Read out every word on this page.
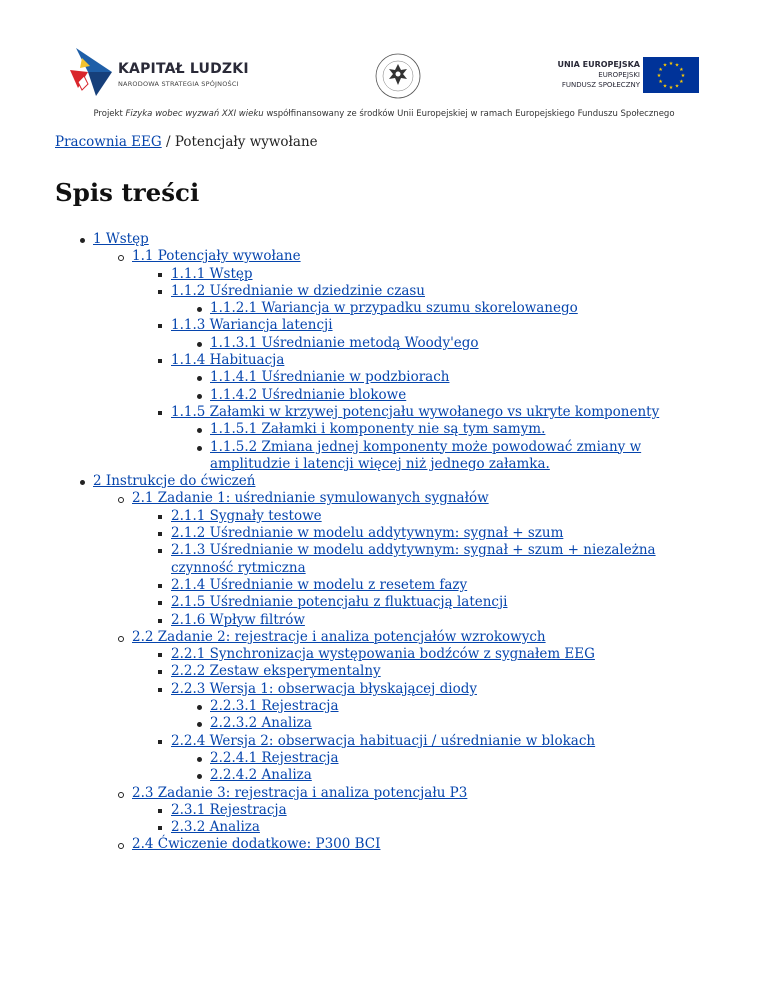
KAPITAŁ LUDZKI
NARODOWA STRATEGIA SPÓJNOŚCI
UNIA EUROPEJSKA
EUROPEJSKI
FUNDUSZ SPOŁECZNY
★ ★
★
★
★
★
★
★
★
★
★
★
Projekt Fizyka wobec wyzwań XXI wieku współfinansowany ze środków Unii Europejskiej w ramach Europejskiego Funduszu Społecznego
Pracownia EEG / Potencjały wywołane
Spis treści
1 Wstęp
1.1 Potencjały wywołane
1.1.1 Wstęp
1.1.2 Uśrednianie w dziedzinie czasu
1.1.2.1 Wariancja w przypadku szumu skorelowanego
1.1.3 Wariancja latencji
1.1.3.1 Uśrednianie metodą Woody'ego
1.1.4 Habituacja
1.1.4.1 Uśrednianie w podzbiorach
1.1.4.2 Uśrednianie blokowe
1.1.5 Załamki w krzywej potencjału wywołanego vs ukryte komponenty
1.1.5.1 Załamki i komponenty nie są tym samym.
1.1.5.2 Zmiana jednej komponenty może powodować zmiany w amplitudzie i latencji więcej niż jednego załamka.
2 Instrukcje do ćwiczeń
2.1 Zadanie 1: uśrednianie symulowanych sygnałów
2.1.1 Sygnały testowe
2.1.2 Uśrednianie w modelu addytywnym: sygnał + szum
2.1.3 Uśrednianie w modelu addytywnym: sygnał + szum + niezależna czynność rytmiczna
2.1.4 Uśrednianie w modelu z resetem fazy
2.1.5 Uśrednianie potencjału z fluktuacją latencji
2.1.6 Wpływ filtrów
2.2 Zadanie 2: rejestracje i analiza potencjałów wzrokowych
2.2.1 Synchronizacja występowania bodźców z sygnałem EEG
2.2.2 Zestaw eksperymentalny
2.2.3 Wersja 1: obserwacja błyskającej diody
2.2.3.1 Rejestracja
2.2.3.2 Analiza
2.2.4 Wersja 2: obserwacja habituacji / uśrednianie w blokach
2.2.4.1 Rejestracja
2.2.4.2 Analiza
2.3 Zadanie 3: rejestracja i analiza potencjału P3
2.3.1 Rejestracja
2.3.2 Analiza
2.4 Ćwiczenie dodatkowe: P300 BCI
